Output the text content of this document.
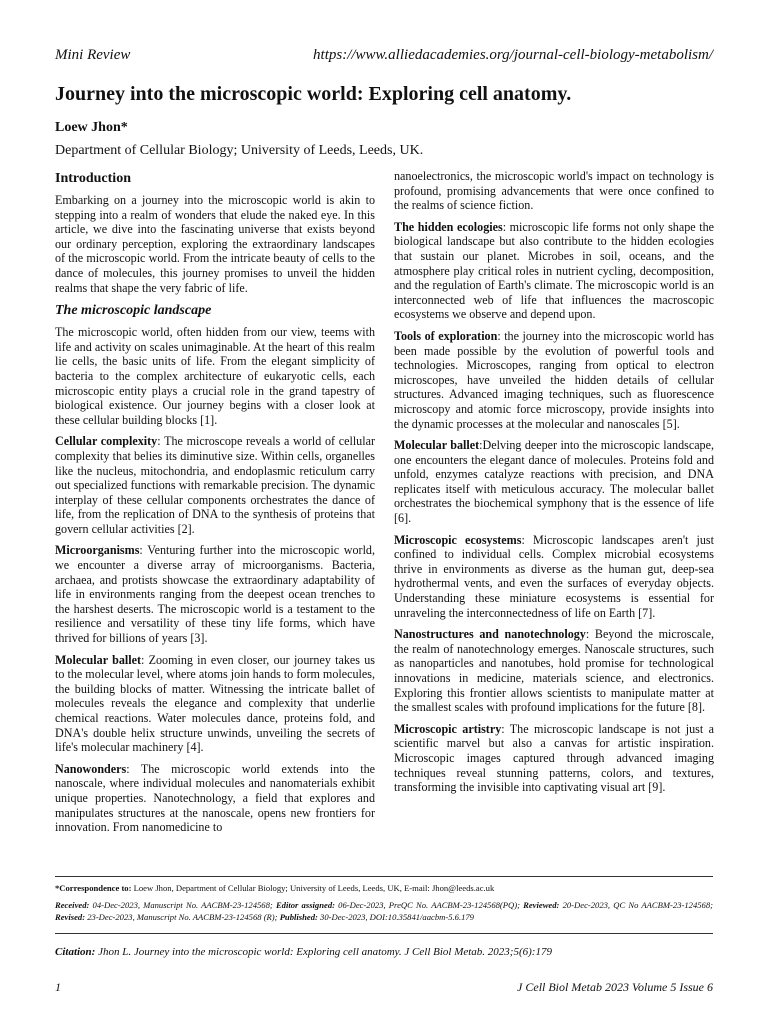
Mini Review	https://www.alliedacademies.org/journal-cell-biology-metabolism/
Journey into the microscopic world: Exploring cell anatomy.
Loew Jhon*
Department of Cellular Biology; University of Leeds, Leeds, UK.
Introduction

Embarking on a journey into the microscopic world is akin to stepping into a realm of wonders that elude the naked eye. In this article, we dive into the fascinating universe that exists beyond our ordinary perception, exploring the extraordinary landscapes of the microscopic world. From the intricate beauty of cells to the dance of molecules, this journey promises to unveil the hidden realms that shape the very fabric of life.

The microscopic landscape

The microscopic world, often hidden from our view, teems with life and activity on scales unimaginable. At the heart of this realm lie cells, the basic units of life. From the elegant simplicity of bacteria to the complex architecture of eukaryotic cells, each microscopic entity plays a crucial role in the grand tapestry of biological existence. Our journey begins with a closer look at these cellular building blocks [1].

Cellular complexity: The microscope reveals a world of cellular complexity that belies its diminutive size. Within cells, organelles like the nucleus, mitochondria, and endoplasmic reticulum carry out specialized functions with remarkable precision. The dynamic interplay of these cellular components orchestrates the dance of life, from the replication of DNA to the synthesis of proteins that govern cellular activities [2].

Microorganisms: Venturing further into the microscopic world, we encounter a diverse array of microorganisms. Bacteria, archaea, and protists showcase the extraordinary adaptability of life in environments ranging from the deepest ocean trenches to the harshest deserts. The microscopic world is a testament to the resilience and versatility of these tiny life forms, which have thrived for billions of years [3].

Molecular ballet: Zooming in even closer, our journey takes us to the molecular level, where atoms join hands to form molecules, the building blocks of matter. Witnessing the intricate ballet of molecules reveals the elegance and complexity that underlie chemical reactions. Water molecules dance, proteins fold, and DNA's double helix structure unwinds, unveiling the secrets of life's molecular machinery [4].

Nanowonders: The microscopic world extends into the nanoscale, where individual molecules and nanomaterials exhibit unique properties. Nanotechnology, a field that explores and manipulates structures at the nanoscale, opens new frontiers for innovation. From nanomedicine to

nanoelectronics, the microscopic world's impact on technology is profound, promising advancements that were once confined to the realms of science fiction.

The hidden ecologies: microscopic life forms not only shape the biological landscape but also contribute to the hidden ecologies that sustain our planet. Microbes in soil, oceans, and the atmosphere play critical roles in nutrient cycling, decomposition, and the regulation of Earth's climate. The microscopic world is an interconnected web of life that influences the macroscopic ecosystems we observe and depend upon.

Tools of exploration: the journey into the microscopic world has been made possible by the evolution of powerful tools and technologies. Microscopes, ranging from optical to electron microscopes, have unveiled the hidden details of cellular structures. Advanced imaging techniques, such as fluorescence microscopy and atomic force microscopy, provide insights into the dynamic processes at the molecular and nanoscales [5].

Molecular ballet:Delving deeper into the microscopic landscape, one encounters the elegant dance of molecules. Proteins fold and unfold, enzymes catalyze reactions with precision, and DNA replicates itself with meticulous accuracy. The molecular ballet orchestrates the biochemical symphony that is the essence of life [6].

Microscopic ecosystems: Microscopic landscapes aren't just confined to individual cells. Complex microbial ecosystems thrive in environments as diverse as the human gut, deep-sea hydrothermal vents, and even the surfaces of everyday objects. Understanding these miniature ecosystems is essential for unraveling the interconnectedness of life on Earth [7].

Nanostructures and nanotechnology: Beyond the microscale, the realm of nanotechnology emerges. Nanoscale structures, such as nanoparticles and nanotubes, hold promise for technological innovations in medicine, materials science, and electronics. Exploring this frontier allows scientists to manipulate matter at the smallest scales with profound implications for the future [8].

Microscopic artistry: The microscopic landscape is not just a scientific marvel but also a canvas for artistic inspiration. Microscopic images captured through advanced imaging techniques reveal stunning patterns, colors, and textures, transforming the invisible into captivating visual art [9].

*Correspondence to: Loew Jhon, Department of Cellular Biology; University of Leeds, Leeds, UK, E-mail: Jhon@leeds.ac.uk
Received: 04-Dec-2023, Manuscript No. AACBM-23-124568; Editor assigned: 06-Dec-2023, PreQC No. AACBM-23-124568(PQ); Reviewed: 20-Dec-2023, QC No AACBM-23-124568; Revised: 23-Dec-2023, Manuscript No. AACBM-23-124568 (R); Published: 30-Dec-2023, DOI:10.35841/aacbm-5.6.179
Citation: Jhon L. Journey into the microscopic world: Exploring cell anatomy. J Cell Biol Metab. 2023;5(6):179
1	J Cell Biol Metab 2023 Volume 5 Issue 6
